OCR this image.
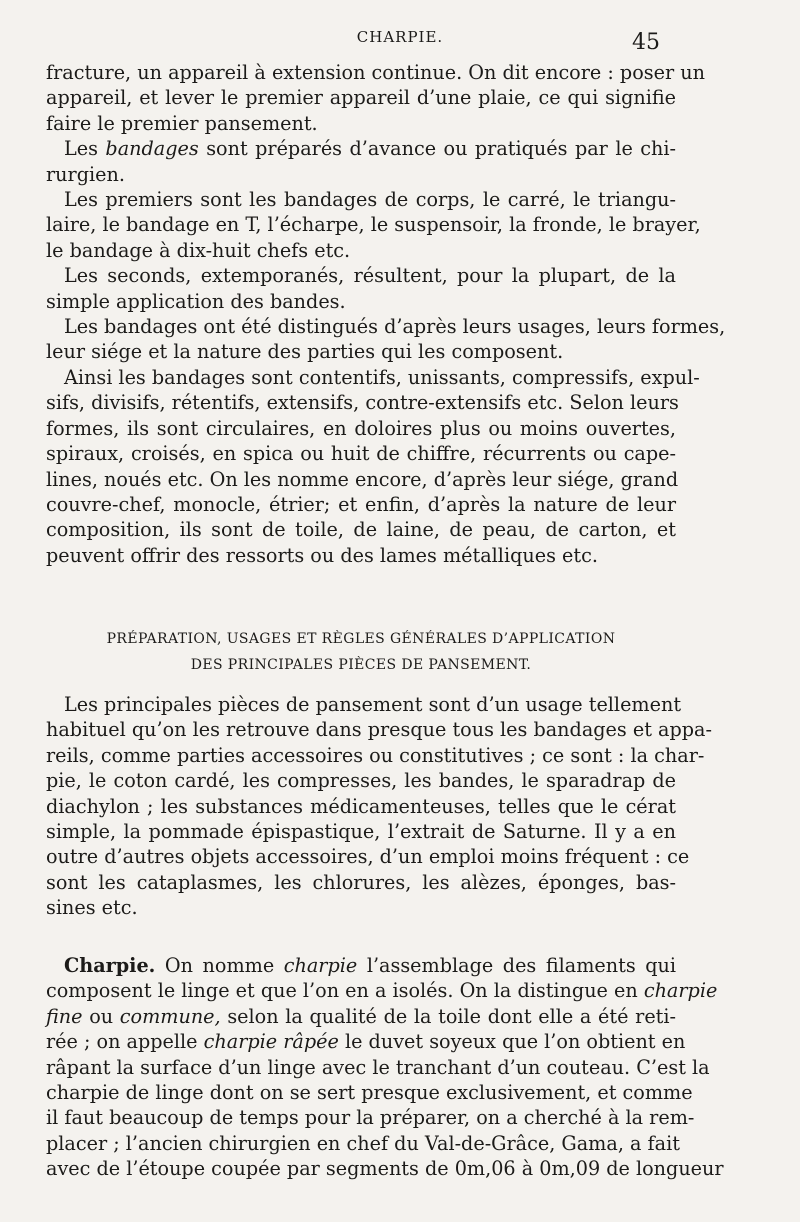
CHARPIE.	45
fracture, un appareil à extension continue. On dit encore : poser un
appareil, et lever le premier appareil d’une plaie, ce qui signifie
faire le premier pansement.
Les bandages sont préparés d’avance ou pratiqués par le chi-
rurgien.
Les premiers sont les bandages de corps, le carré, le triangu-
laire, le bandage en T, l’écharpe, le suspensoir, la fronde, le brayer,
le bandage à dix-huit chefs etc.
Les seconds, extemporanés, résultent, pour la plupart, de la
simple application des bandes.
Les bandages ont été distingués d’après leurs usages, leurs formes,
leur siége et la nature des parties qui les composent.
Ainsi les bandages sont contentifs, unissants, compressifs, expul-
sifs, divisifs, rétentifs, extensifs, contre-extensifs etc. Selon leurs
formes, ils sont circulaires, en doloires plus ou moins ouvertes,
spiraux, croisés, en spica ou huit de chiffre, récurrents ou cape-
lines, noués etc. On les nomme encore, d’après leur siége, grand
couvre-chef, monocle, étrier; et enfin, d’après la nature de leur
composition, ils sont de toile, de laine, de peau, de carton, et
peuvent offrir des ressorts ou des lames métalliques etc.
PRÉPARATION, USAGES ET RÈGLES GÉNÉRALES D’APPLICATION
DES PRINCIPALES PIÈCES DE PANSEMENT.
Les principales pièces de pansement sont d’un usage tellement
habituel qu’on les retrouve dans presque tous les bandages et appa-
reils, comme parties accessoires ou constitutives ; ce sont : la char-
pie, le coton cardé, les compresses, les bandes, le sparadrap de
diachylon ; les substances médicamenteuses, telles que le cérat
simple, la pommade épispastique, l’extrait de Saturne. Il y a en
outre d’autres objets accessoires, d’un emploi moins fréquent : ce
sont les cataplasmes, les chlorures, les alèzes, éponges, bas-
sines etc.
Charpie. On nomme charpie l’assemblage des filaments qui
composent le linge et que l’on en a isolés. On la distingue en charpie
fine ou commune, selon la qualité de la toile dont elle a été reti-
rée ; on appelle charpie râpée le duvet soyeux que l’on obtient en
râpant la surface d’un linge avec le tranchant d’un couteau. C’est la
charpie de linge dont on se sert presque exclusivement, et comme
il faut beaucoup de temps pour la préparer, on a cherché à la rem-
placer ; l’ancien chirurgien en chef du Val-de-Grâce, Gama, a fait
avec de l’étoupe coupée par segments de 0m,06 à 0m,09 de longueur
